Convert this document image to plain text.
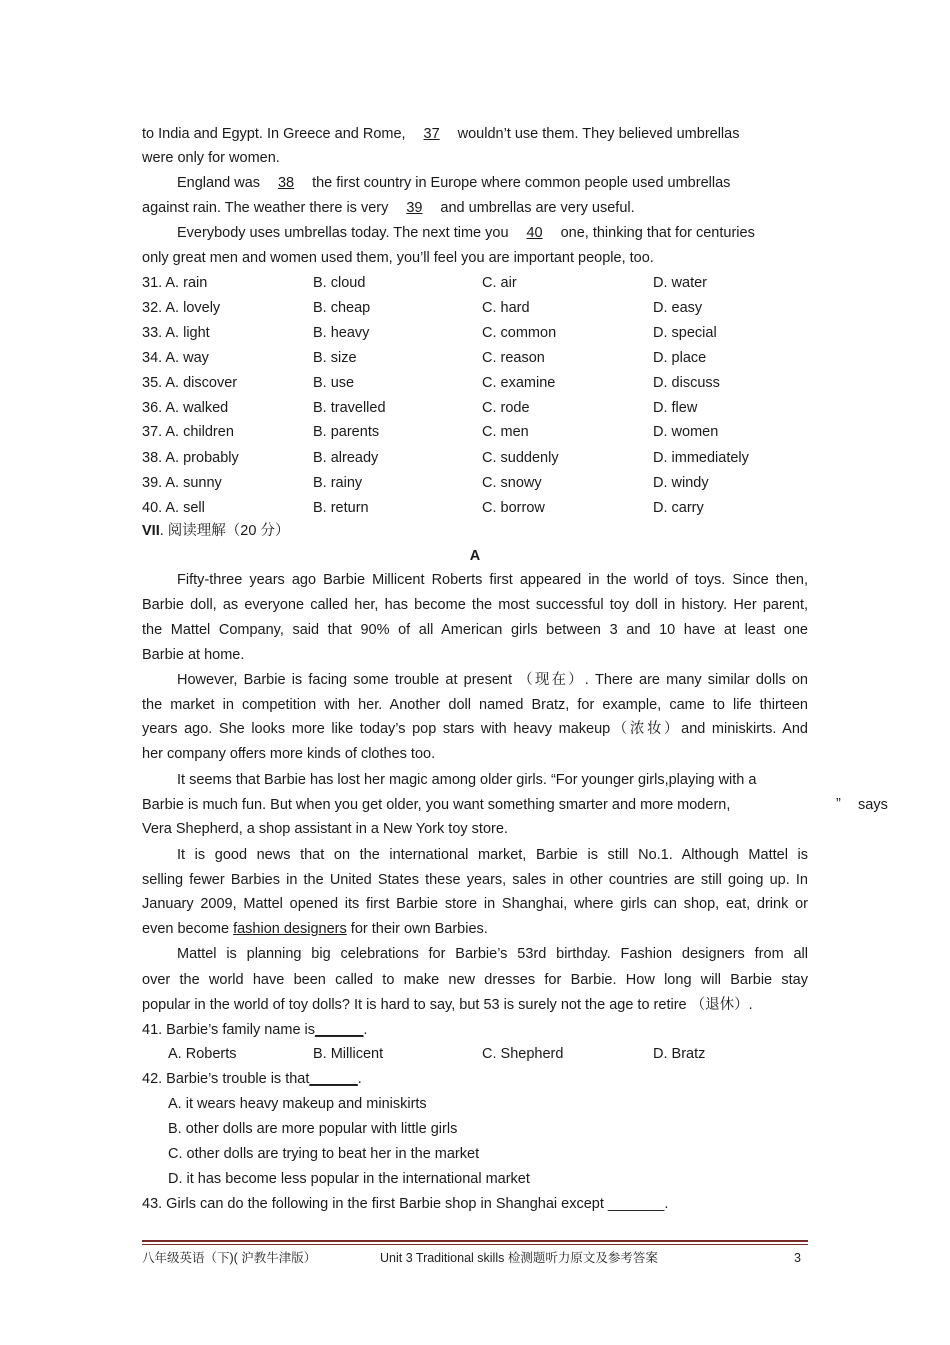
to India and Egypt. In Greece and Rome, 37 wouldn’t use them. They believed umbrellas
were only for women.
England was 38 the first country in Europe where common people used umbrellas
against rain. The weather there is very 39 and umbrellas are very useful.
Everybody uses umbrellas today. The next time you 40 one, thinking that for centuries
only great men and women used them, you’ll feel you are important people, too.
31. A. rain	B. cloud	C. air	D. water
32. A. lovely	B. cheap	C. hard	D. easy
33. A. light	B. heavy	C. common	D. special
34. A. way	B. size	C. reason	D. place
35. A. discover	B. use	C. examine	D. discuss
36. A. walked	B. travelled	C. rode	D. flew
37. A. children	B. parents	C. men	D. women
38. A. probably	B. already	C. suddenly	D. immediately
39. A. sunny	B. rainy	C. snowy	D. windy
40. A. sell	B. return	C. borrow	D. carry
VII. 阅读理解（20 分）
A
Fifty-three years ago Barbie Millicent Roberts first appeared in the world of toys. Since then,
Barbie doll, as everyone called her, has become the most successful toy doll in history. Her parent,
the Mattel Company, said that 90% of all American girls between 3 and 10 have at least one
Barbie at home.
However, Barbie is facing some trouble at present （现在）. There are many similar dolls on
the market in competition with her. Another doll named Bratz, for example, came to life thirteen
years ago. She looks more like today’s pop stars with heavy makeup（浓妆）and miniskirts. And
her company offers more kinds of clothes too.
It seems that Barbie has lost her magic among older girls. “For younger girls,playing with a
Barbie is much fun. But when you get older, you want something smarter and more modern,	” says
Vera Shepherd, a shop assistant in a New York toy store.
It is good news that on the international market, Barbie is still No.1. Although Mattel is
selling fewer Barbies in the United States these years, sales in other countries are still going up. In
January 2009, Mattel opened its first Barbie store in Shanghai, where girls can shop, eat, drink or
even become fashion designers for their own Barbies.
Mattel is planning big celebrations for Barbie’s 53rd birthday. Fashion designers from all
over the world have been called to make new dresses for Barbie. How long will Barbie stay
popular in the world of toy dolls? It is hard to say, but 53 is surely not the age to retire （退休）.
41. Barbie’s family name is______.
A. Roberts	B. Millicent	C. Shepherd	D. Bratz
42. Barbie’s trouble is that______.
A. it wears heavy makeup and miniskirts
B. other dolls are more popular with little girls
C. other dolls are trying to beat her in the market
D. it has become less popular in the international market
43. Girls can do the following in the first Barbie shop in Shanghai except _______.
八年级英语（下)( 沪教牛津版）	Unit 3 Traditional skills 检测题听力原文及参考答案	3
